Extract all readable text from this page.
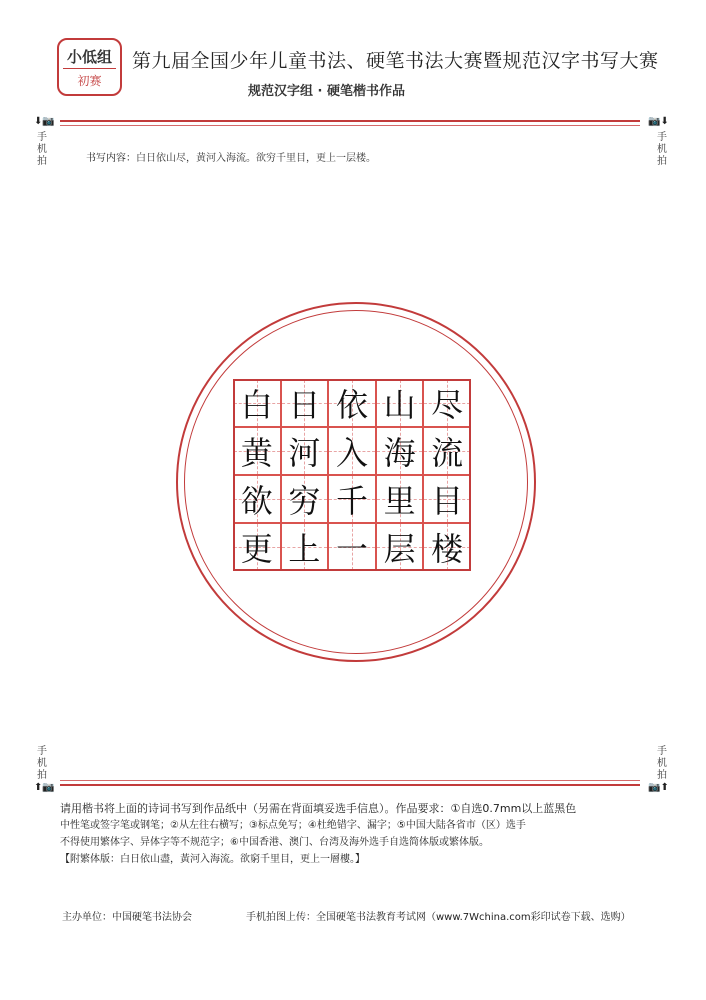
小低组
初赛
第九届全国少年儿童书法、硬笔书法大赛暨规范汉字书写大赛
规范汉字组 · 硬笔楷书作品
⬇📷	📷⬇
手机拍
手机拍
书写内容：白日依山尽，黄河入海流。欲穷千里目，更上一层楼。
白 日 依 山 尽
黄 河 入 海 流
欲 穷 千 里 目
更 上 一 层 楼
手机拍
手机拍
⬆📷	📷⬆
请用楷书将上面的诗词书写到作品纸中（另需在背面填妥选手信息）。作品要求：①自选0.7mm以上蓝黑色
中性笔或签字笔或钢笔；②从左往右横写；③标点免写；④杜绝错字、漏字；⑤中国大陆各省市（区）选手
不得使用繁体字、异体字等不规范字；⑥中国香港、澳门、台湾及海外选手自选简体版或繁体版。
【附繁体版：白日依山盡，黃河入海流。欲窮千里目，更上一層樓。】
主办单位：中国硬笔书法协会	手机拍图上传：全国硬笔书法教育考试网（www.7Wchina.com彩印试卷下载、选购）
